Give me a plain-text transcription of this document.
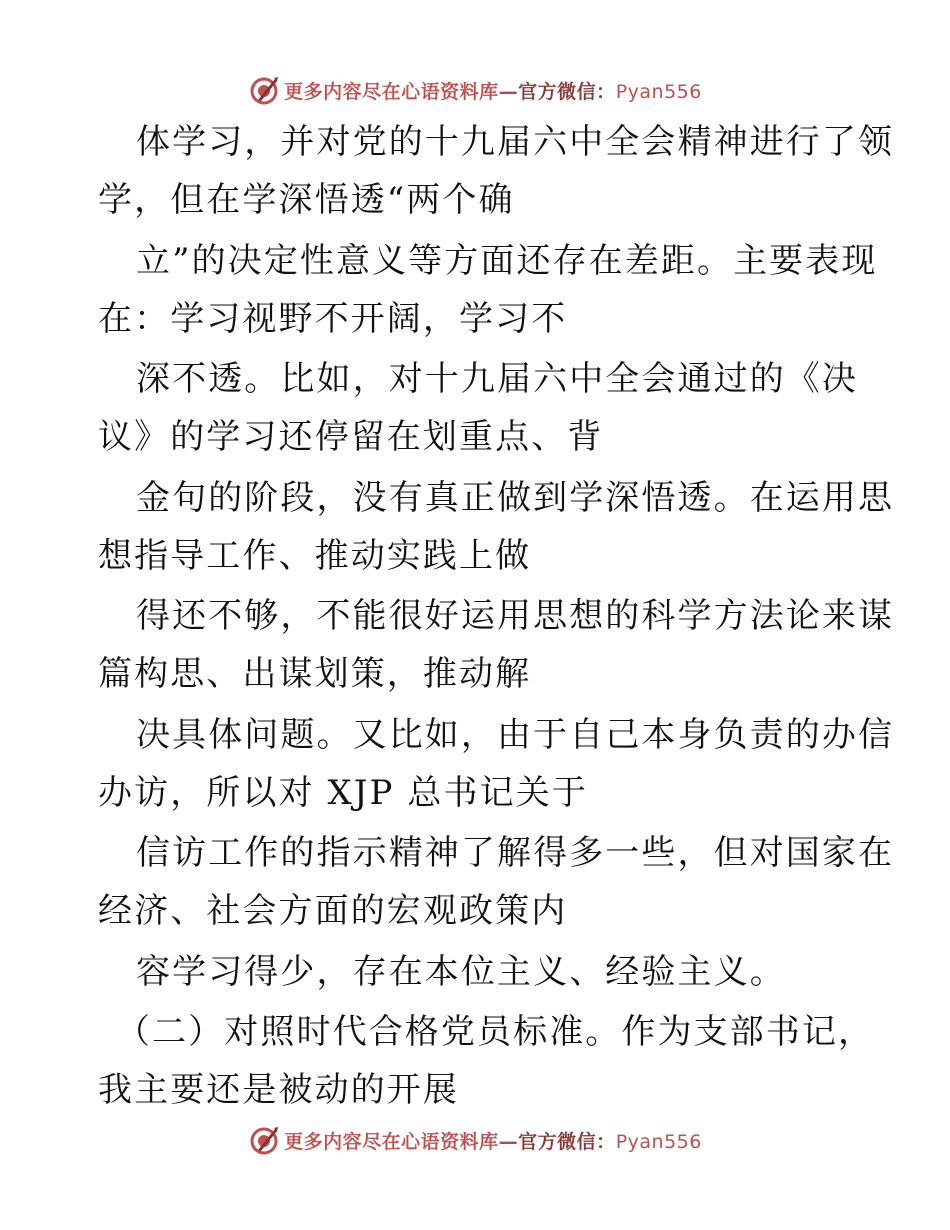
更多内容尽在心语资料库—官方微信：Pyan556
体学习，并对党的十九届六中全会精神进行了领
学，但在学深悟透“两个确
立”的决定性意义等方面还存在差距。主要表现
在：学习视野不开阔，学习不
深不透。比如，对十九届六中全会通过的《决
议》的学习还停留在划重点、背
金句的阶段，没有真正做到学深悟透。在运用思
想指导工作、推动实践上做
得还不够，不能很好运用思想的科学方法论来谋
篇构思、出谋划策，推动解
决具体问题。又比如，由于自己本身负责的办信
办访，所以对 XJP 总书记关于
信访工作的指示精神了解得多一些，但对国家在
经济、社会方面的宏观政策内
容学习得少，存在本位主义、经验主义。
（二）对照时代合格党员标准。作为支部书记，
我主要还是被动的开展
更多内容尽在心语资料库—官方微信：Pyan556
